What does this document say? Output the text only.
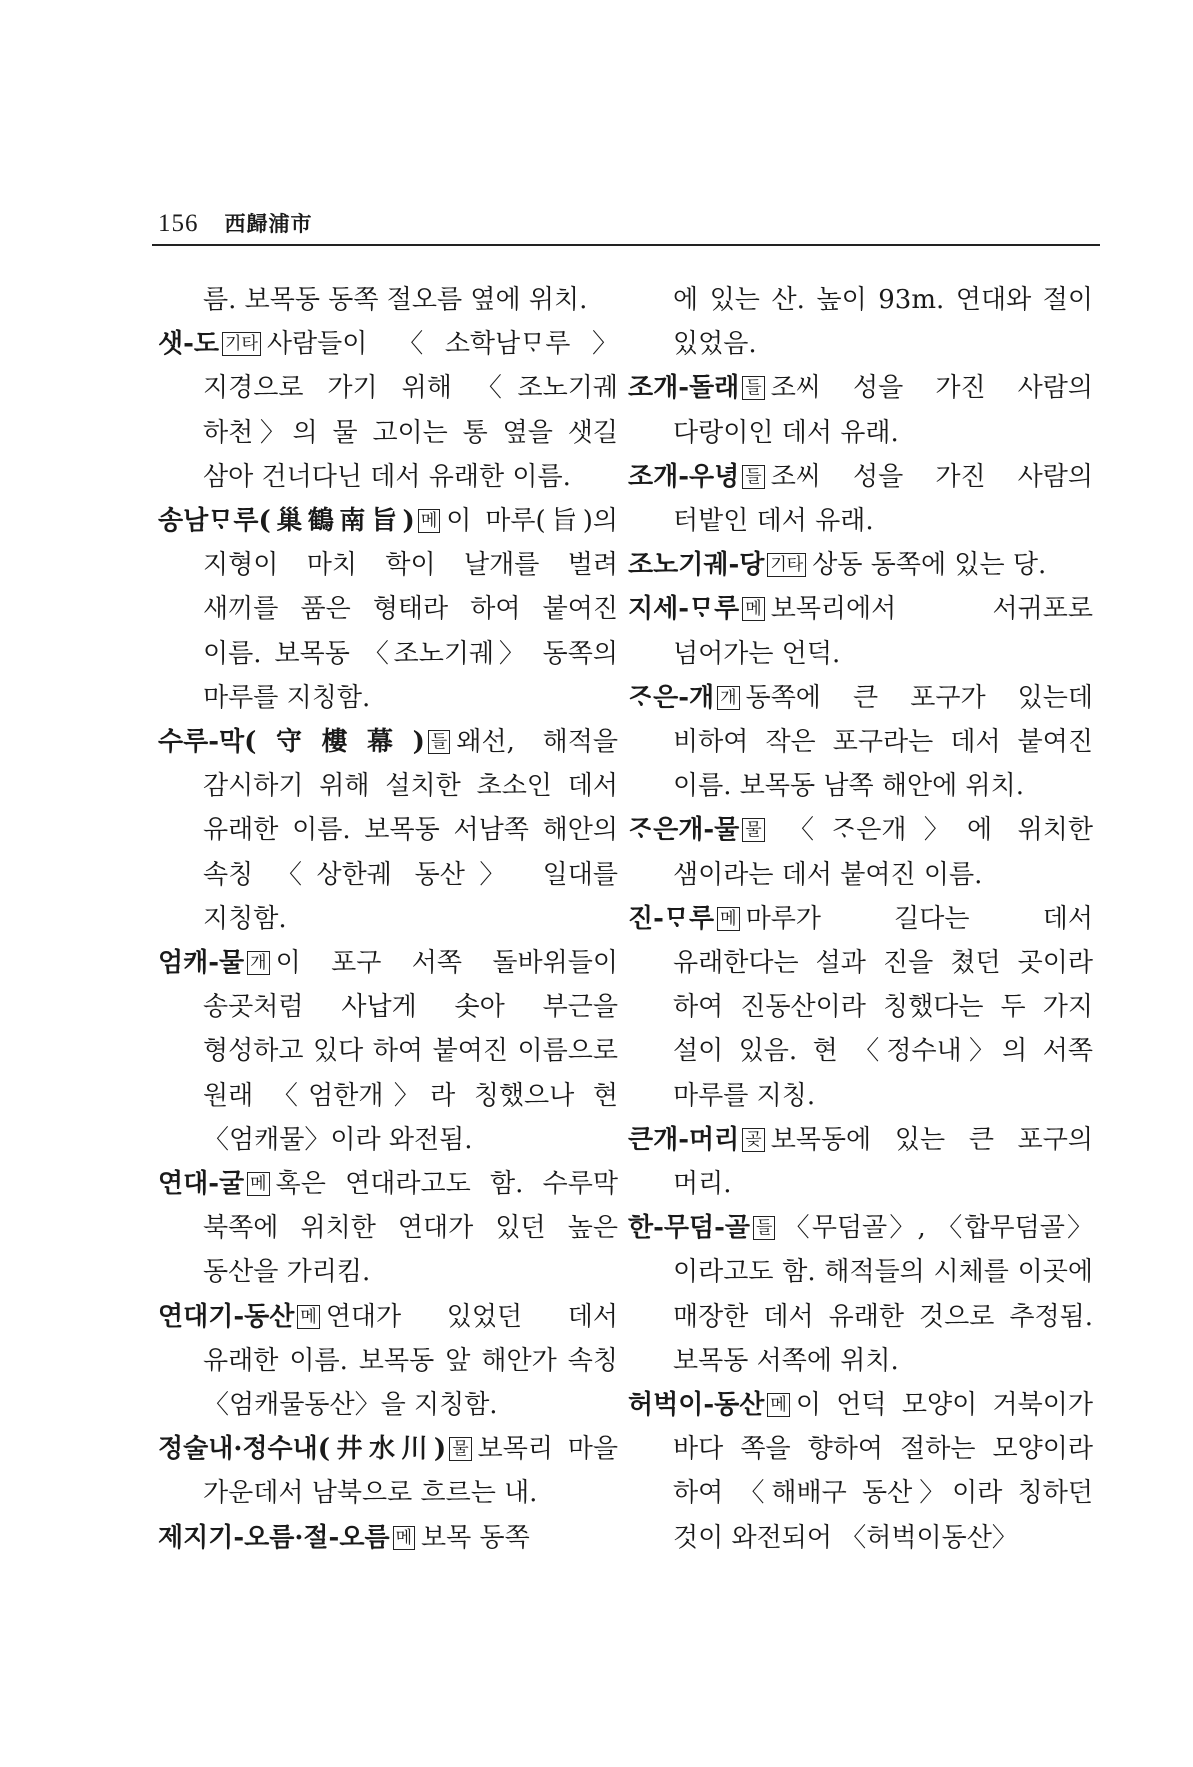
156 西歸浦市

름. 보목동 동쪽 절오름 옆에 위치.

샛-도 기타 사람들이 〈소학남ᄆᆞ루〉 지경으로 가기 위해 〈조노기궤 하천〉의 물 고이는 통 옆을 샛길 삼아 건너다닌 데서 유래한 이름.

송남ᄆᆞ루(巢鶴南旨) 메 이 마루(旨)의 지형이 마치 학이 날개를 벌려 새끼를 품은 형태라 하여 붙여진 이름. 보목동 〈조노기궤〉 동쪽의 마루를 지칭함.

수루-막(守樓幕) 들 왜선, 해적을 감시하기 위해 설치한 초소인 데서 유래한 이름. 보목동 서남쪽 해안의 속칭 〈상한궤 동산〉 일대를 지칭함.

엄캐-물 개 이 포구 서쪽 돌바위들이 송곳처럼 사납게 솟아 부근을 형성하고 있다 하여 붙여진 이름으로 원래 〈엄한개〉라 칭했으나 현 〈엄캐물〉이라 와전됨.

연대-굴 메 혹은 연대라고도 함. 수루막 북쪽에 위치한 연대가 있던 높은 동산을 가리킴.

연대기-동산 메 연대가 있었던 데서 유래한 이름. 보목동 앞 해안가 속칭 〈엄캐물동산〉을 지칭함.

정술내·정수내(井水川) 물 보목리 마을 가운데서 남북으로 흐르는 내.

제지기-오름·절-오름 메 보목 동쪽

에 있는 산. 높이 93m. 연대와 절이 있었음.

조개-돌래 들 조씨 성을 가진 사람의 다랑이인 데서 유래.

조개-우녕 들 조씨 성을 가진 사람의 터밭인 데서 유래.

조노기궤-당 기타 상동 동쪽에 있는 당.

지세-ᄆᆞ루 메 보목리에서 서귀포로 넘어가는 언덕.

ᄌᆞ은-개 개 동쪽에 큰 포구가 있는데 비하여 작은 포구라는 데서 붙여진 이름. 보목동 남쪽 해안에 위치.

ᄌᆞ은개-물 물 〈ᄌᆞ은개〉에 위치한 샘이라는 데서 붙여진 이름.

진-ᄆᆞ루 메 마루가 길다는 데서 유래한다는 설과 진을 쳤던 곳이라 하여 진동산이라 칭했다는 두 가지 설이 있음. 현 〈정수내〉의 서쪽 마루를 지칭.

큰개-머리 곶 보목동에 있는 큰 포구의 머리.

한-무덤-골 들 〈무덤골〉, 〈합무덤골〉이라고도 함. 해적들의 시체를 이곳에 매장한 데서 유래한 것으로 추정됨. 보목동 서쪽에 위치.

허벅이-동산 메 이 언덕 모양이 거북이가 바다 쪽을 향하여 절하는 모양이라 하여 〈해배구 동산〉이라 칭하던 것이 와전되어 〈허벅이동산〉
